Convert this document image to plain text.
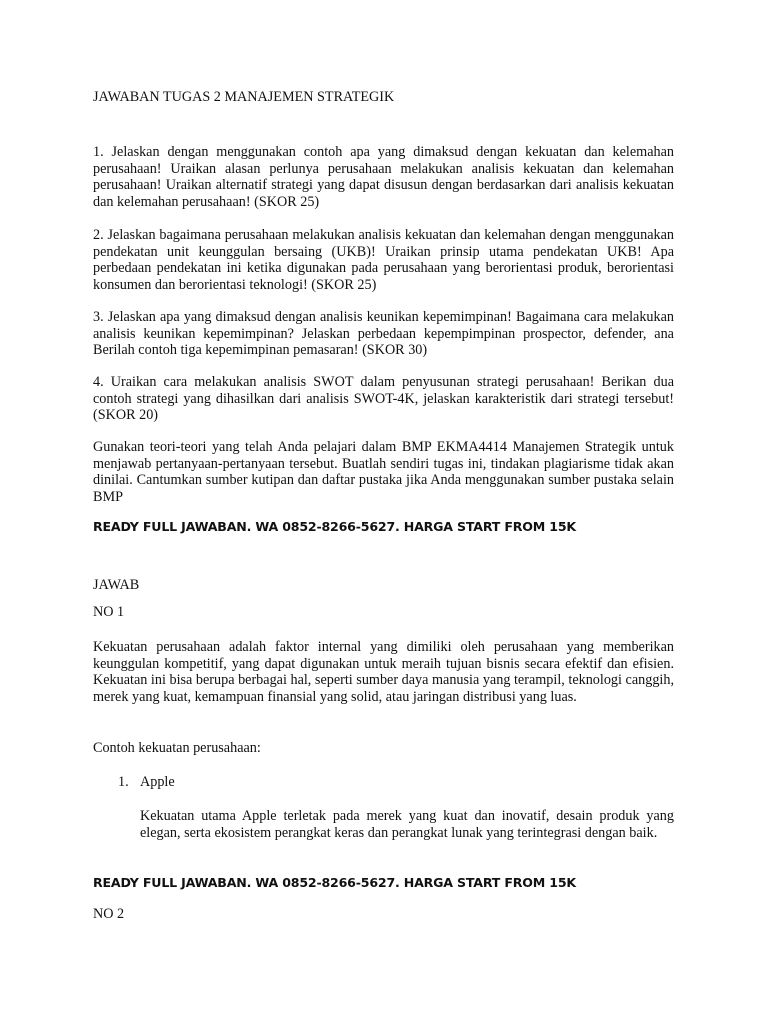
JAWABAN TUGAS 2 MANAJEMEN STRATEGIK

1. Jelaskan dengan menggunakan contoh apa yang dimaksud dengan kekuatan dan kelemahan perusahaan! Uraikan alasan perlunya perusahaan melakukan analisis kekuatan dan kelemahan perusahaan! Uraikan alternatif strategi yang dapat disusun dengan berdasarkan dari analisis kekuatan dan kelemahan perusahaan! (SKOR 25)

2. Jelaskan bagaimana perusahaan melakukan analisis kekuatan dan kelemahan dengan menggunakan pendekatan unit keunggulan bersaing (UKB)! Uraikan prinsip utama pendekatan UKB! Apa perbedaan pendekatan ini ketika digunakan pada perusahaan yang berorientasi produk, berorientasi konsumen dan berorientasi teknologi! (SKOR 25)

3. Jelaskan apa yang dimaksud dengan analisis keunikan kepemimpinan! Bagaimana cara melakukan analisis keunikan kepemimpinan? Jelaskan perbedaan kepempimpinan prospector, defender, ana Berilah contoh tiga kepemimpinan pemasaran! (SKOR 30)

4. Uraikan cara melakukan analisis SWOT dalam penyusunan strategi perusahaan! Berikan dua contoh strategi yang dihasilkan dari analisis SWOT-4K, jelaskan karakteristik dari strategi tersebut! (SKOR 20)

Gunakan teori-teori yang telah Anda pelajari dalam BMP EKMA4414 Manajemen Strategik untuk menjawab pertanyaan-pertanyaan tersebut. Buatlah sendiri tugas ini, tindakan plagiarisme tidak akan dinilai. Cantumkan sumber kutipan dan daftar pustaka jika Anda menggunakan sumber pustaka selain BMP

READY FULL JAWABAN. WA 0852-8266-5627. HARGA START FROM 15K

JAWAB

NO 1

Kekuatan perusahaan adalah faktor internal yang dimiliki oleh perusahaan yang memberikan keunggulan kompetitif, yang dapat digunakan untuk meraih tujuan bisnis secara efektif dan efisien. Kekuatan ini bisa berupa berbagai hal, seperti sumber daya manusia yang terampil, teknologi canggih, merek yang kuat, kemampuan finansial yang solid, atau jaringan distribusi yang luas.

Contoh kekuatan perusahaan:

1. Apple

Kekuatan utama Apple terletak pada merek yang kuat dan inovatif, desain produk yang elegan, serta ekosistem perangkat keras dan perangkat lunak yang terintegrasi dengan baik.

READY FULL JAWABAN. WA 0852-8266-5627. HARGA START FROM 15K

NO 2
